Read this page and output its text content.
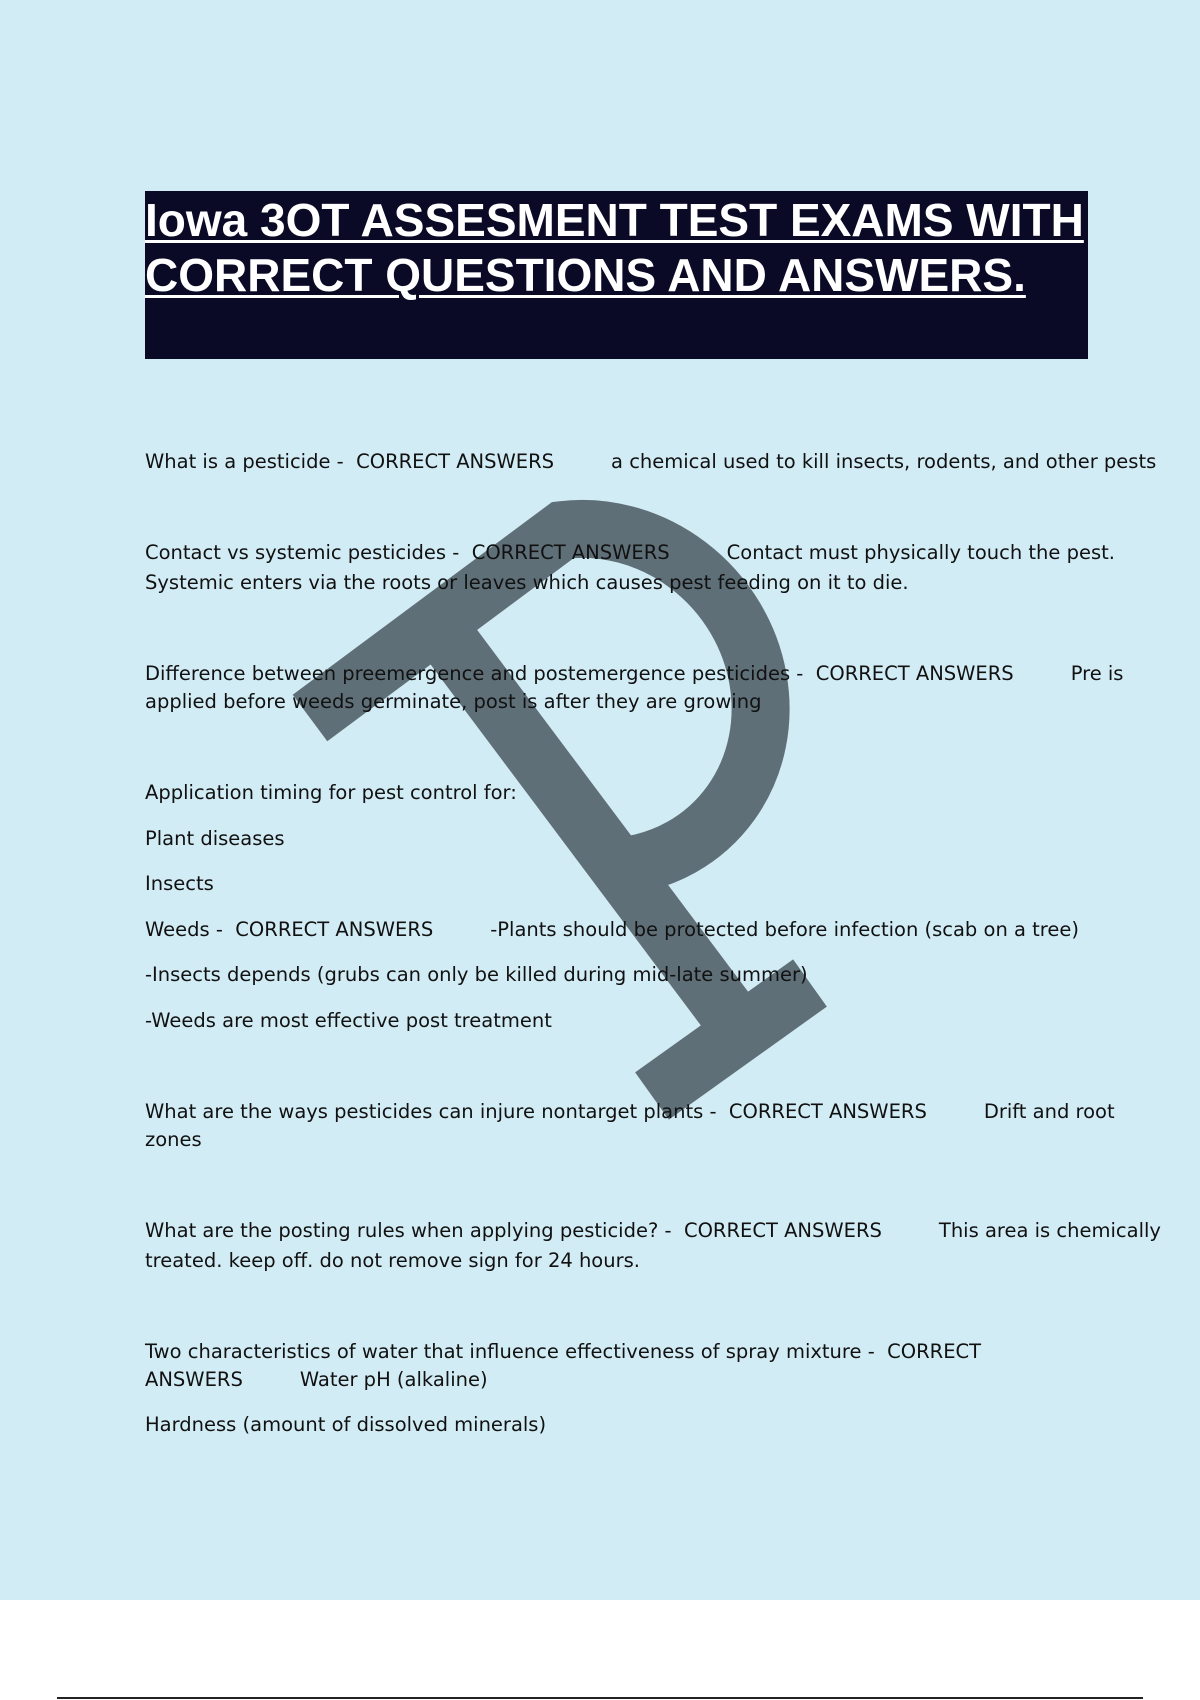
Iowa 3OT ASSESMENT TEST EXAMS WITH CORRECT QUESTIONS AND ANSWERS.

What is a pesticide -  CORRECT ANSWERS	a chemical used to kill insects, rodents, and other pests

Contact vs systemic pesticides -  CORRECT ANSWERS	Contact must physically touch the pest.

Systemic enters via the roots or leaves which causes pest feeding on it to die.

Difference between preemergence and postemergence pesticides -  CORRECT ANSWERS	Pre is

applied before weeds germinate, post is after they are growing

Application timing for pest control for:

Plant diseases

Insects

Weeds -  CORRECT ANSWERS	-Plants should be protected before infection (scab on a tree)

-Insects depends (grubs can only be killed during mid-late summer)

-Weeds are most effective post treatment

What are the ways pesticides can injure nontarget plants -  CORRECT ANSWERS	Drift and root

zones

What are the posting rules when applying pesticide? -  CORRECT ANSWERS	This area is chemically

treated. keep off. do not remove sign for 24 hours.

Two characteristics of water that influence effectiveness of spray mixture -  CORRECT

ANSWERS	Water pH (alkaline)

Hardness (amount of dissolved minerals)
